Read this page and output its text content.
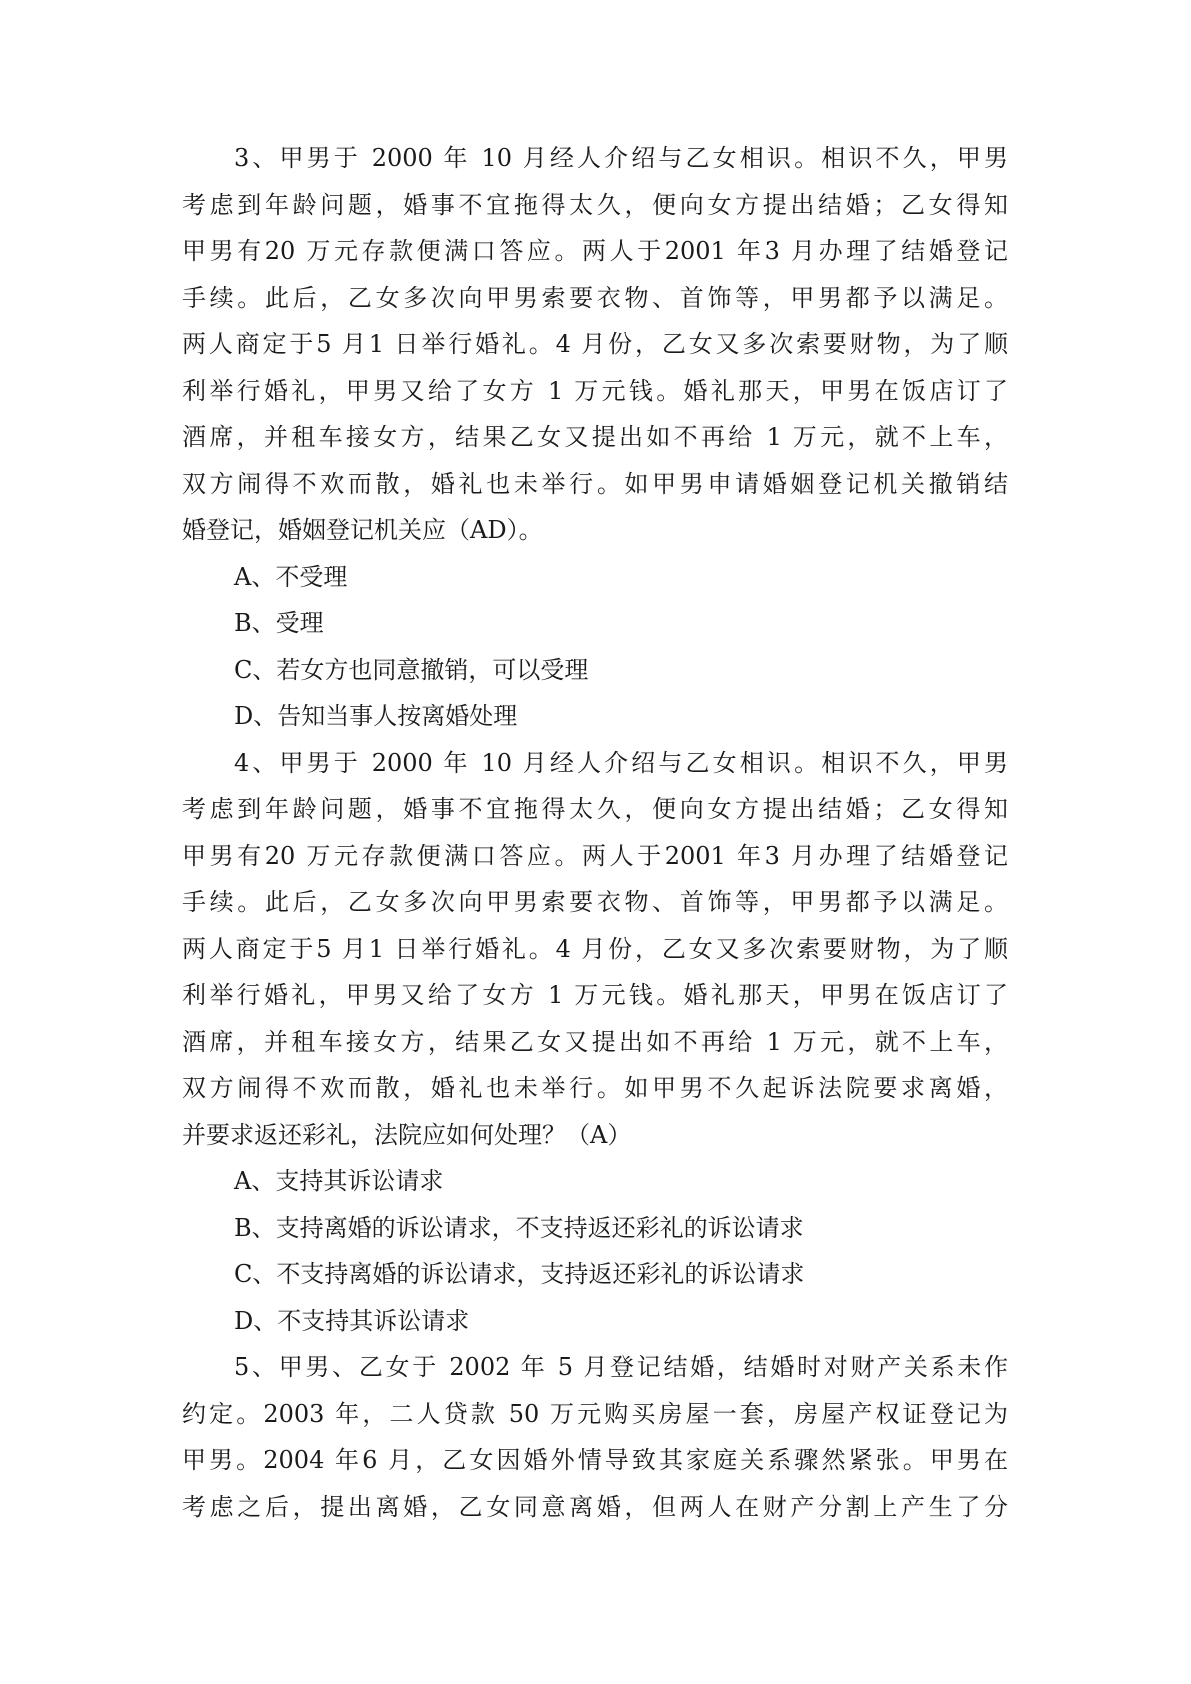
3、甲男于 2000 年 10 月经人介绍与乙女相识。相识不久，甲男
考虑到年龄问题，婚事不宜拖得太久，便向女方提出结婚；乙女得知
甲男有20 万元存款便满口答应。两人于2001 年3 月办理了结婚登记
手续。此后，乙女多次向甲男索要衣物、首饰等，甲男都予以满足。
两人商定于5 月1 日举行婚礼。4 月份，乙女又多次索要财物，为了顺
利举行婚礼，甲男又给了女方 1 万元钱。婚礼那天，甲男在饭店订了
酒席，并租车接女方，结果乙女又提出如不再给 1 万元，就不上车，
双方闹得不欢而散，婚礼也未举行。如甲男申请婚姻登记机关撤销结
婚登记，婚姻登记机关应（AD）。
A、不受理
B、受理
C、若女方也同意撤销，可以受理
D、告知当事人按离婚处理
4、甲男于 2000 年 10 月经人介绍与乙女相识。相识不久，甲男
考虑到年龄问题，婚事不宜拖得太久，便向女方提出结婚；乙女得知
甲男有20 万元存款便满口答应。两人于2001 年3 月办理了结婚登记
手续。此后，乙女多次向甲男索要衣物、首饰等，甲男都予以满足。
两人商定于5 月1 日举行婚礼。4 月份，乙女又多次索要财物，为了顺
利举行婚礼，甲男又给了女方 1 万元钱。婚礼那天，甲男在饭店订了
酒席，并租车接女方，结果乙女又提出如不再给 1 万元，就不上车，
双方闹得不欢而散，婚礼也未举行。如甲男不久起诉法院要求离婚，
并要求返还彩礼，法院应如何处理？（A）
A、支持其诉讼请求
B、支持离婚的诉讼请求，不支持返还彩礼的诉讼请求
C、不支持离婚的诉讼请求，支持返还彩礼的诉讼请求
D、不支持其诉讼请求
5、甲男、乙女于 2002 年 5 月登记结婚，结婚时对财产关系未作
约定。2003 年，二人贷款 50 万元购买房屋一套，房屋产权证登记为
甲男。2004 年6 月，乙女因婚外情导致其家庭关系骤然紧张。甲男在
考虑之后，提出离婚，乙女同意离婚，但两人在财产分割上产生了分
